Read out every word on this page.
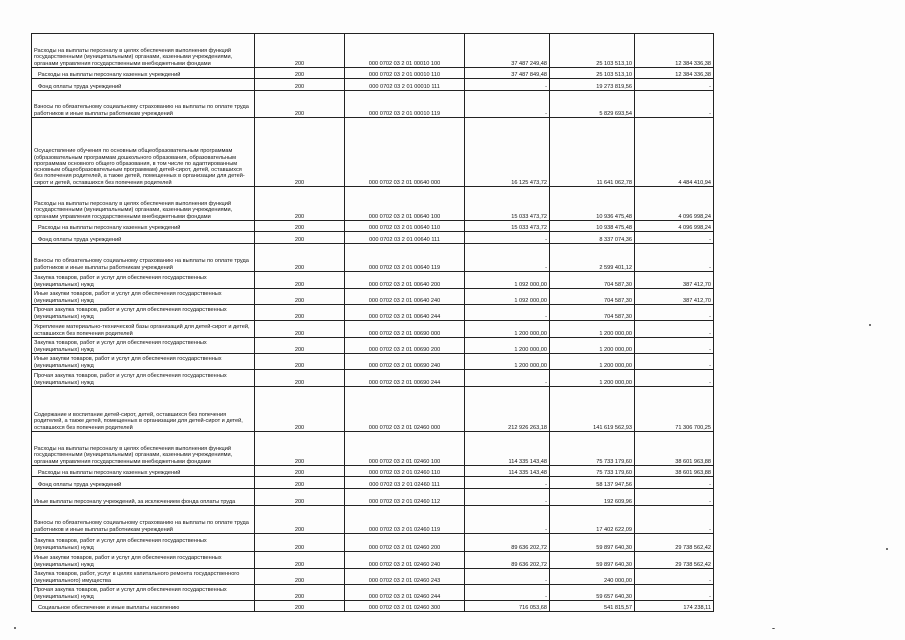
Расходы на выплаты персоналу в целях обеспечения выполнения функций государственными (муниципальными) органами, казенными учреждениями, органами управления государственными внебюджетными фондами	200	000 0702 03 2 01 00010 100	37 487 249,48	25 103 513,10	12 384 336,38
Расходы на выплаты персоналу казенных учреждений	200	000 0702 03 2 01 00010 110	37 487 849,48	25 103 513,10	12 384 336,38
Фонд оплаты труда учреждений	200	000 0702 03 2 01 00010 111	-	19 273 819,56	-
Взносы по обязательному социальному страхованию на выплаты по оплате труда работников и иные выплаты работникам учреждений	200	000 0702 03 2 01 00010 119	-	5 829 693,54	-
Осуществление обучения по основным общеобразовательным программам (образовательным программам дошкольного образования, образовательным программам основного общего образования, в том числе по адаптированным основным общеобразовательным программам) детей-сирот, детей, оставшихся без попечения родителей, а также детей, помещенных в организации для детей-сирот и детей, оставшихся без попечения родителей	200	000 0702 03 2 01 00640 000	16 125 473,72	11 641 062,78	4 484 410,94
Расходы на выплаты персоналу в целях обеспечения выполнения функций государственными (муниципальными) органами, казенными учреждениями, органами управления государственными внебюджетными фондами	200	000 0702 03 2 01 00640 100	15 033 473,72	10 936 475,48	4 096 998,24
Расходы на выплаты персоналу казенных учреждений	200	000 0702 03 2 01 00640 110	15 033 473,72	10 938 475,48	4 096 998,24
Фонд оплаты труда учреждений	200	000 0702 03 2 01 00640 111	-	8 337 074,36	-
Взносы по обязательному социальному страхованию на выплаты по оплате труда работников и иные выплаты работникам учреждений	200	000 0702 03 2 01 00640 119	-	2 599 401,12	-
Закупка товаров, работ и услуг для обеспечения государственных (муниципальных) нужд	200	000 0702 03 2 01 00640 200	1 092 000,00	704 587,30	387 412,70
Иные закупки товаров, работ и услуг для обеспечения государственных (муниципальных) нужд	200	000 0702 03 2 01 00640 240	1 092 000,00	704 587,30	387 412,70
Прочая закупка товаров, работ и услуг для обеспечения государственных (муниципальных) нужд	200	000 0702 03 2 01 00640 244	-	704 587,30	-
Укрепление материально-технической базы организаций для детей-сирот и детей, оставшихся без попечения родителей	200	000 0702 03 2 01 00690 000	1 200 000,00	1 200 000,00	-
Закупка товаров, работ и услуг для обеспечения государственных (муниципальных) нужд	200	000 0702 03 2 01 00690 200	1 200 000,00	1 200 000,00	-
Иные закупки товаров, работ и услуг для обеспечения государственных (муниципальных) нужд	200	000 0702 03 2 01 00690 240	1 200 000,00	1 200 000,00	-
Прочая закупка товаров, работ и услуг для обеспечения государственных (муниципальных) нужд	200	000 0702 03 2 01 00690 244	-	1 200 000,00	-
Содержание и воспитание детей-сирот, детей, оставшихся без попечения родителей, а также детей, помещенных в организации для детей-сирот и детей, оставшихся без попечения родителей	200	000 0702 03 2 01 02460 000	212 926 263,18	141 619 562,93	71 306 700,25
Расходы на выплаты персоналу в целях обеспечения выполнения функций государственными (муниципальными) органами, казенными учреждениями, органами управления государственными внебюджетными фондами	200	000 0702 03 2 01 02460 100	114 335 143,48	75 733 179,60	38 601 963,88
Расходы на выплаты персоналу казенных учреждений	200	000 0702 03 2 01 02460 110	114 335 143,48	75 733 179,60	38 601 963,88
Фонд оплаты труда учреждений	200	000 0702 03 2 01 02460 111	-	58 137 947,56	-
Иные выплаты персоналу учреждений, за исключением фонда оплаты труда	200	000 0702 03 2 01 02460 112	-	192 609,96	-
Взносы по обязательному социальному страхованию на выплаты по оплате труда работников и иные выплаты работникам учреждений	200	000 0702 03 2 01 02460 119	-	17 402 622,09	-
Закупка товаров, работ и услуг для обеспечения государственных (муниципальных) нужд	200	000 0702 03 2 01 02460 200	89 636 202,72	59 897 640,30	29 738 562,42
Иные закупки товаров, работ и услуг для обеспечения государственных (муниципальных) нужд	200	000 0702 03 2 01 02460 240	89 636 202,72	59 897 640,30	29 738 562,42
Закупка товаров, работ, услуг в целях капитального ремонта государственного (муниципального) имущества	200	000 0702 03 2 01 02460 243	-	240 000,00	-
Прочая закупка товаров, работ и услуг для обеспечения государственных (муниципальных) нужд	200	000 0702 03 2 01 02460 244	-	59 657 640,30	-
Социальное обеспечение и иные выплаты населению	200	000 0702 03 2 01 02460 300	716 053,68	541 815,57	174 238,11
